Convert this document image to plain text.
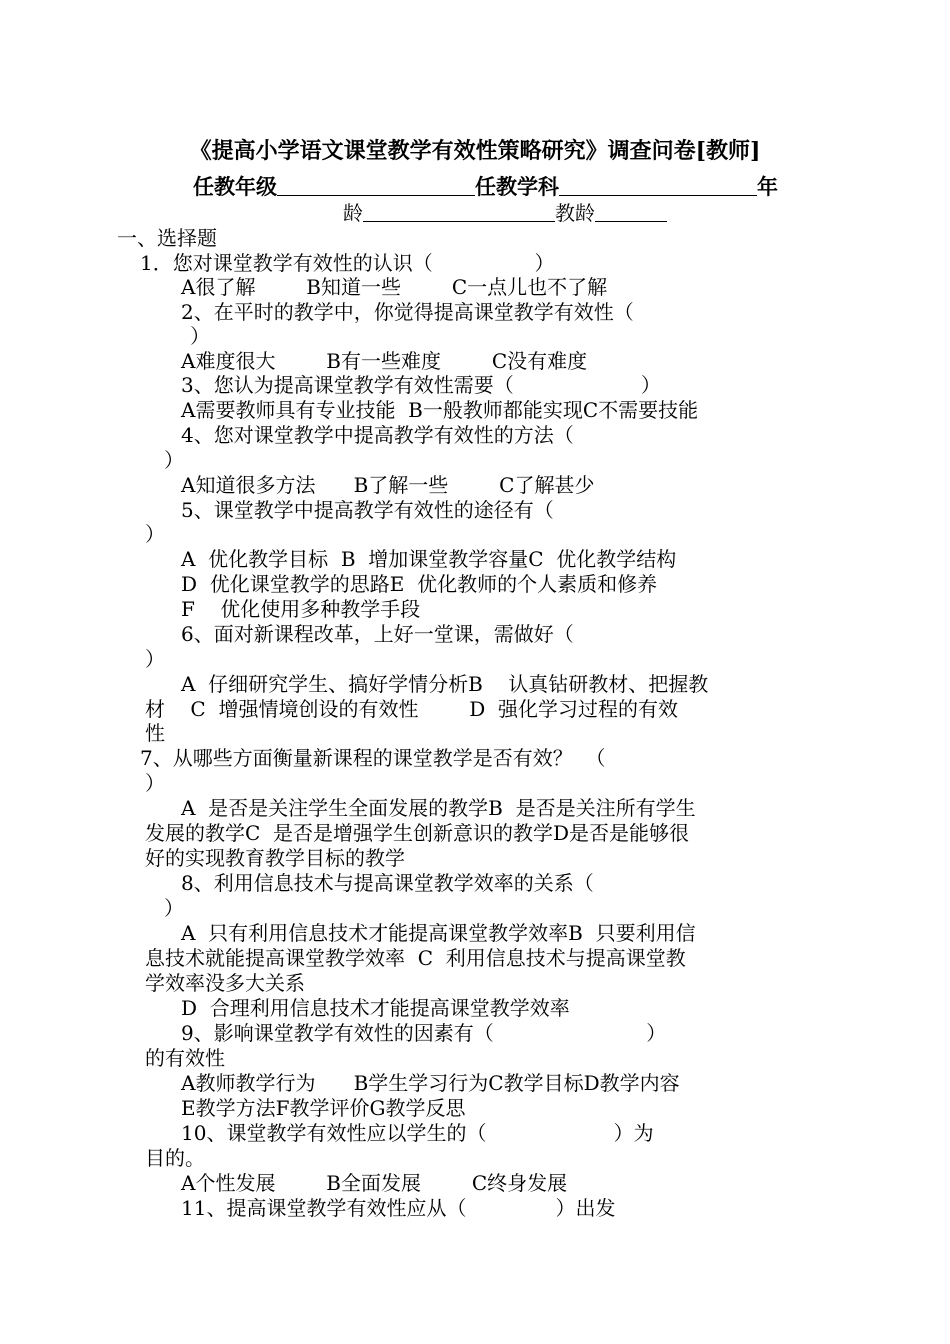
《提高小学语文课堂教学有效性策略研究》调查问卷[教师]
任教年级	任教学科	年
龄	教龄
一、选择题
1．您对课堂教学有效性的认识（                ）
A很了解        B知道一些        C一点儿也不了解
2、在平时的教学中，你觉得提高课堂教学有效性（
）
A难度很大        B有一些难度        C没有难度
3、您认为提高课堂教学有效性需要（                    ）
A需要教师具有专业技能  B一般教师都能实现C不需要技能
4、您对课堂教学中提高教学有效性的方法（
）
A知道很多方法      B了解一些        C了解甚少
5、课堂教学中提高教学有效性的途径有（
）
A  优化教学目标  B  增加课堂教学容量C  优化教学结构
D  优化课堂教学的思路E  优化教师的个人素质和修养
F    优化使用多种教学手段
6、面对新课程改革，上好一堂课，需做好（
）
A  仔细研究学生、搞好学情分析B    认真钻研教材、把握教
材    C  增强情境创设的有效性        D  强化学习过程的有效
性
7、从哪些方面衡量新课程的课堂教学是否有效？  （
）
A  是否是关注学生全面发展的教学B  是否是关注所有学生
发展的教学C  是否是增强学生创新意识的教学D是否是能够很
好的实现教育教学目标的教学
8、利用信息技术与提高课堂教学效率的关系（
）
A  只有利用信息技术才能提高课堂教学效率B  只要利用信
息技术就能提高课堂教学效率  C  利用信息技术与提高课堂教
学效率没多大关系
D  合理利用信息技术才能提高课堂教学效率
9、影响课堂教学有效性的因素有（                        ）
的有效性
A教师教学行为      B学生学习行为C教学目标D教学内容
E教学方法F教学评价G教学反思
10、课堂教学有效性应以学生的（                    ）为
目的。
A个性发展        B全面发展        C终身发展
11、提高课堂教学有效性应从（              ）出发
